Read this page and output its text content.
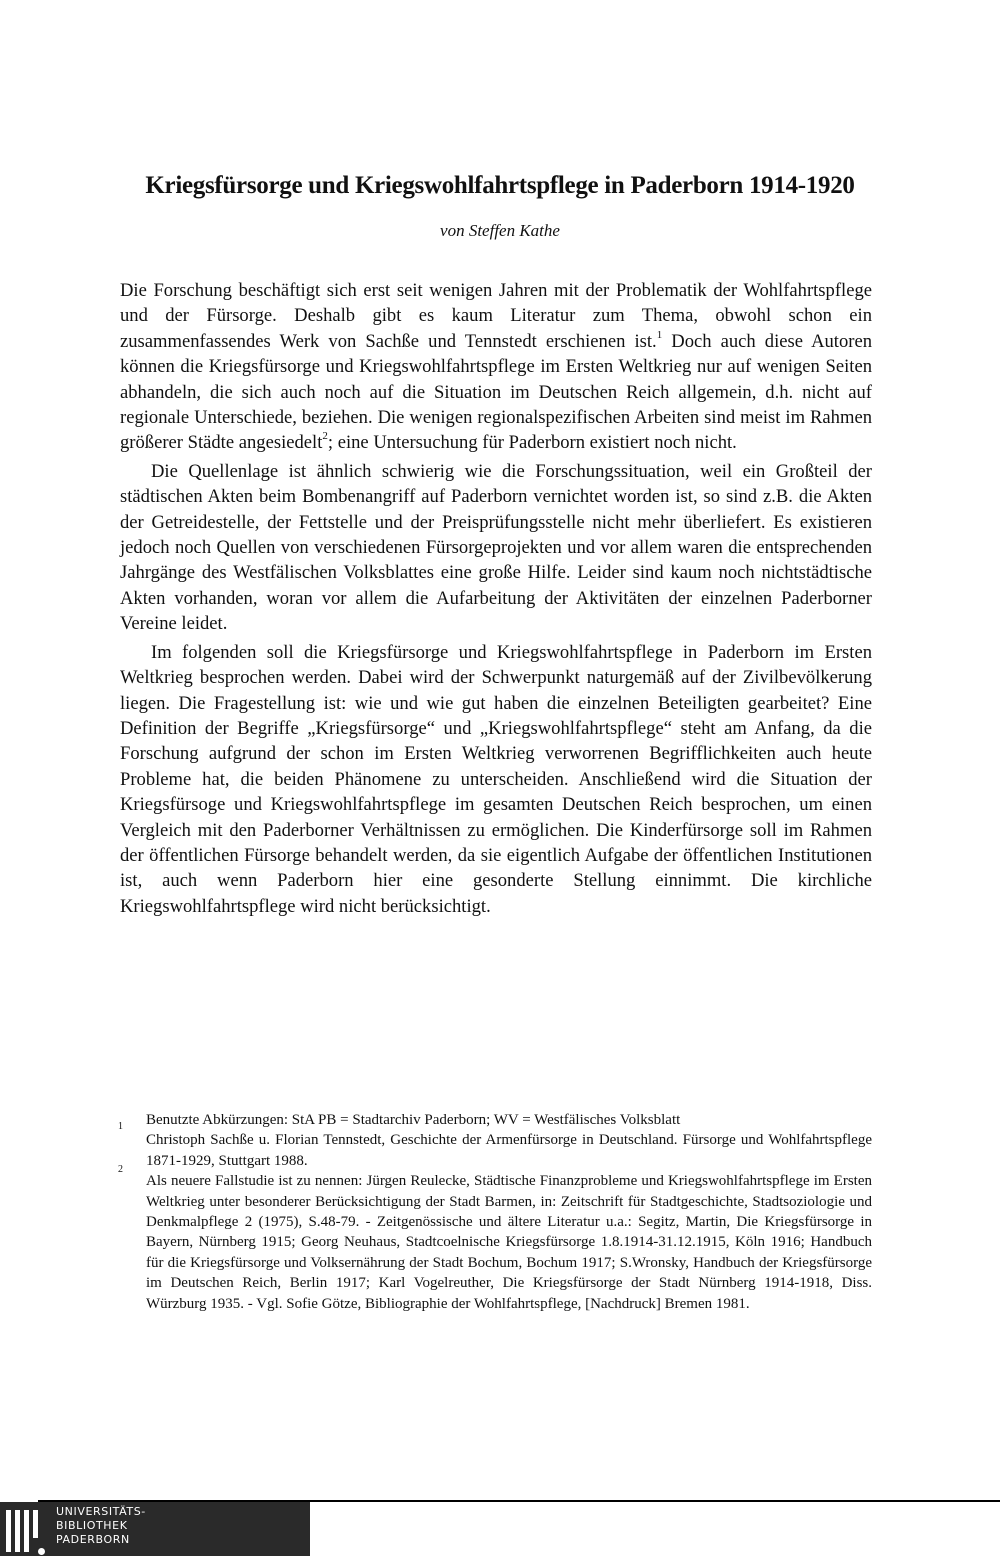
Kriegsfürsorge und Kriegswohlfahrtspflege in Paderborn 1914-1920
von Steffen Kathe

Die Forschung beschäftigt sich erst seit wenigen Jahren mit der Problematik der Wohlfahrtspflege und der Fürsorge. Deshalb gibt es kaum Literatur zum Thema, obwohl schon ein zusammenfassendes Werk von Sachße und Tennstedt erschienen ist.$^1$ Doch auch diese Autoren können die Kriegsfürsorge und Kriegswohlfahrtspflege im Ersten Weltkrieg nur auf wenigen Seiten abhandeln, die sich auch noch auf die Situation im Deutschen Reich allgemein, d.h. nicht auf regionale Unterschiede, beziehen. Die wenigen regionalspezifischen Arbeiten sind meist im Rahmen größerer Städte angesiedelt$^2$; eine Untersuchung für Paderborn existiert noch nicht.

Die Quellenlage ist ähnlich schwierig wie die Forschungssituation, weil ein Großteil der städtischen Akten beim Bombenangriff auf Paderborn vernichtet worden ist, so sind z.B. die Akten der Getreidestelle, der Fettstelle und der Preisprüfungsstelle nicht mehr überliefert. Es existieren jedoch noch Quellen von verschiedenen Fürsorgeprojekten und vor allem waren die entsprechenden Jahrgänge des Westfälischen Volksblattes eine große Hilfe. Leider sind kaum noch nichtstädtische Akten vorhanden, woran vor allem die Aufarbeitung der Aktivitäten der einzelnen Paderborner Vereine leidet.

Im folgenden soll die Kriegsfürsorge und Kriegswohlfahrtspflege in Paderborn im Ersten Weltkrieg besprochen werden. Dabei wird der Schwerpunkt naturgemäß auf der Zivilbevölkerung liegen. Die Fragestellung ist: wie und wie gut haben die einzelnen Beteiligten gearbeitet? Eine Definition der Begriffe „Kriegsfürsorge“ und „Kriegswohlfahrtspflege“ steht am Anfang, da die Forschung aufgrund der schon im Ersten Weltkrieg verworrenen Begrifflichkeiten auch heute Probleme hat, die beiden Phänomene zu unterscheiden. Anschließend wird die Situation der Kriegsfürsoge und Kriegswohlfahrtspflege im gesamten Deutschen Reich besprochen, um einen Vergleich mit den Paderborner Verhältnissen zu ermöglichen. Die Kinderfürsorge soll im Rahmen der öffentlichen Fürsorge behandelt werden, da sie eigentlich Aufgabe der öffentlichen Institutionen ist, auch wenn Paderborn hier eine gesonderte Stellung einnimmt. Die kirchliche Kriegswohlfahrtspflege wird nicht berücksichtigt.

Benutzte Abkürzungen: StA PB = Stadtarchiv Paderborn; WV = Westfälisches Volksblatt
1
Christoph Sachße u. Florian Tennstedt, Geschichte der Armenfürsorge in Deutschland. Fürsorge und Wohlfahrtspflege 1871-1929, Stuttgart 1988.
2
Als neuere Fallstudie ist zu nennen: Jürgen Reulecke, Städtische Finanzprobleme und Kriegswohlfahrtspflege im Ersten Weltkrieg unter besonderer Berücksichtigung der Stadt Barmen, in: Zeitschrift für Stadtgeschichte, Stadtsoziologie und Denkmalpflege 2 (1975), S.48-79. - Zeitgenössische und ältere Literatur u.a.: Segitz, Martin, Die Kriegsfürsorge in Bayern, Nürnberg 1915; Georg Neuhaus, Stadtcoelnische Kriegsfürsorge 1.8.1914-31.12.1915, Köln 1916; Handbuch für die Kriegsfürsorge und Volksernährung der Stadt Bochum, Bochum 1917; S.Wronsky, Handbuch der Kriegsfürsorge im Deutschen Reich, Berlin 1917; Karl Vogelreuther, Die Kriegsfürsorge der Stadt Nürnberg 1914-1918, Diss. Würzburg 1935. - Vgl. Sofie Götze, Bibliographie der Wohlfahrtspflege, [Nachdruck] Bremen 1981.
UNIVERSITÄTS-
BIBLIOTHEK
PADERBORN
